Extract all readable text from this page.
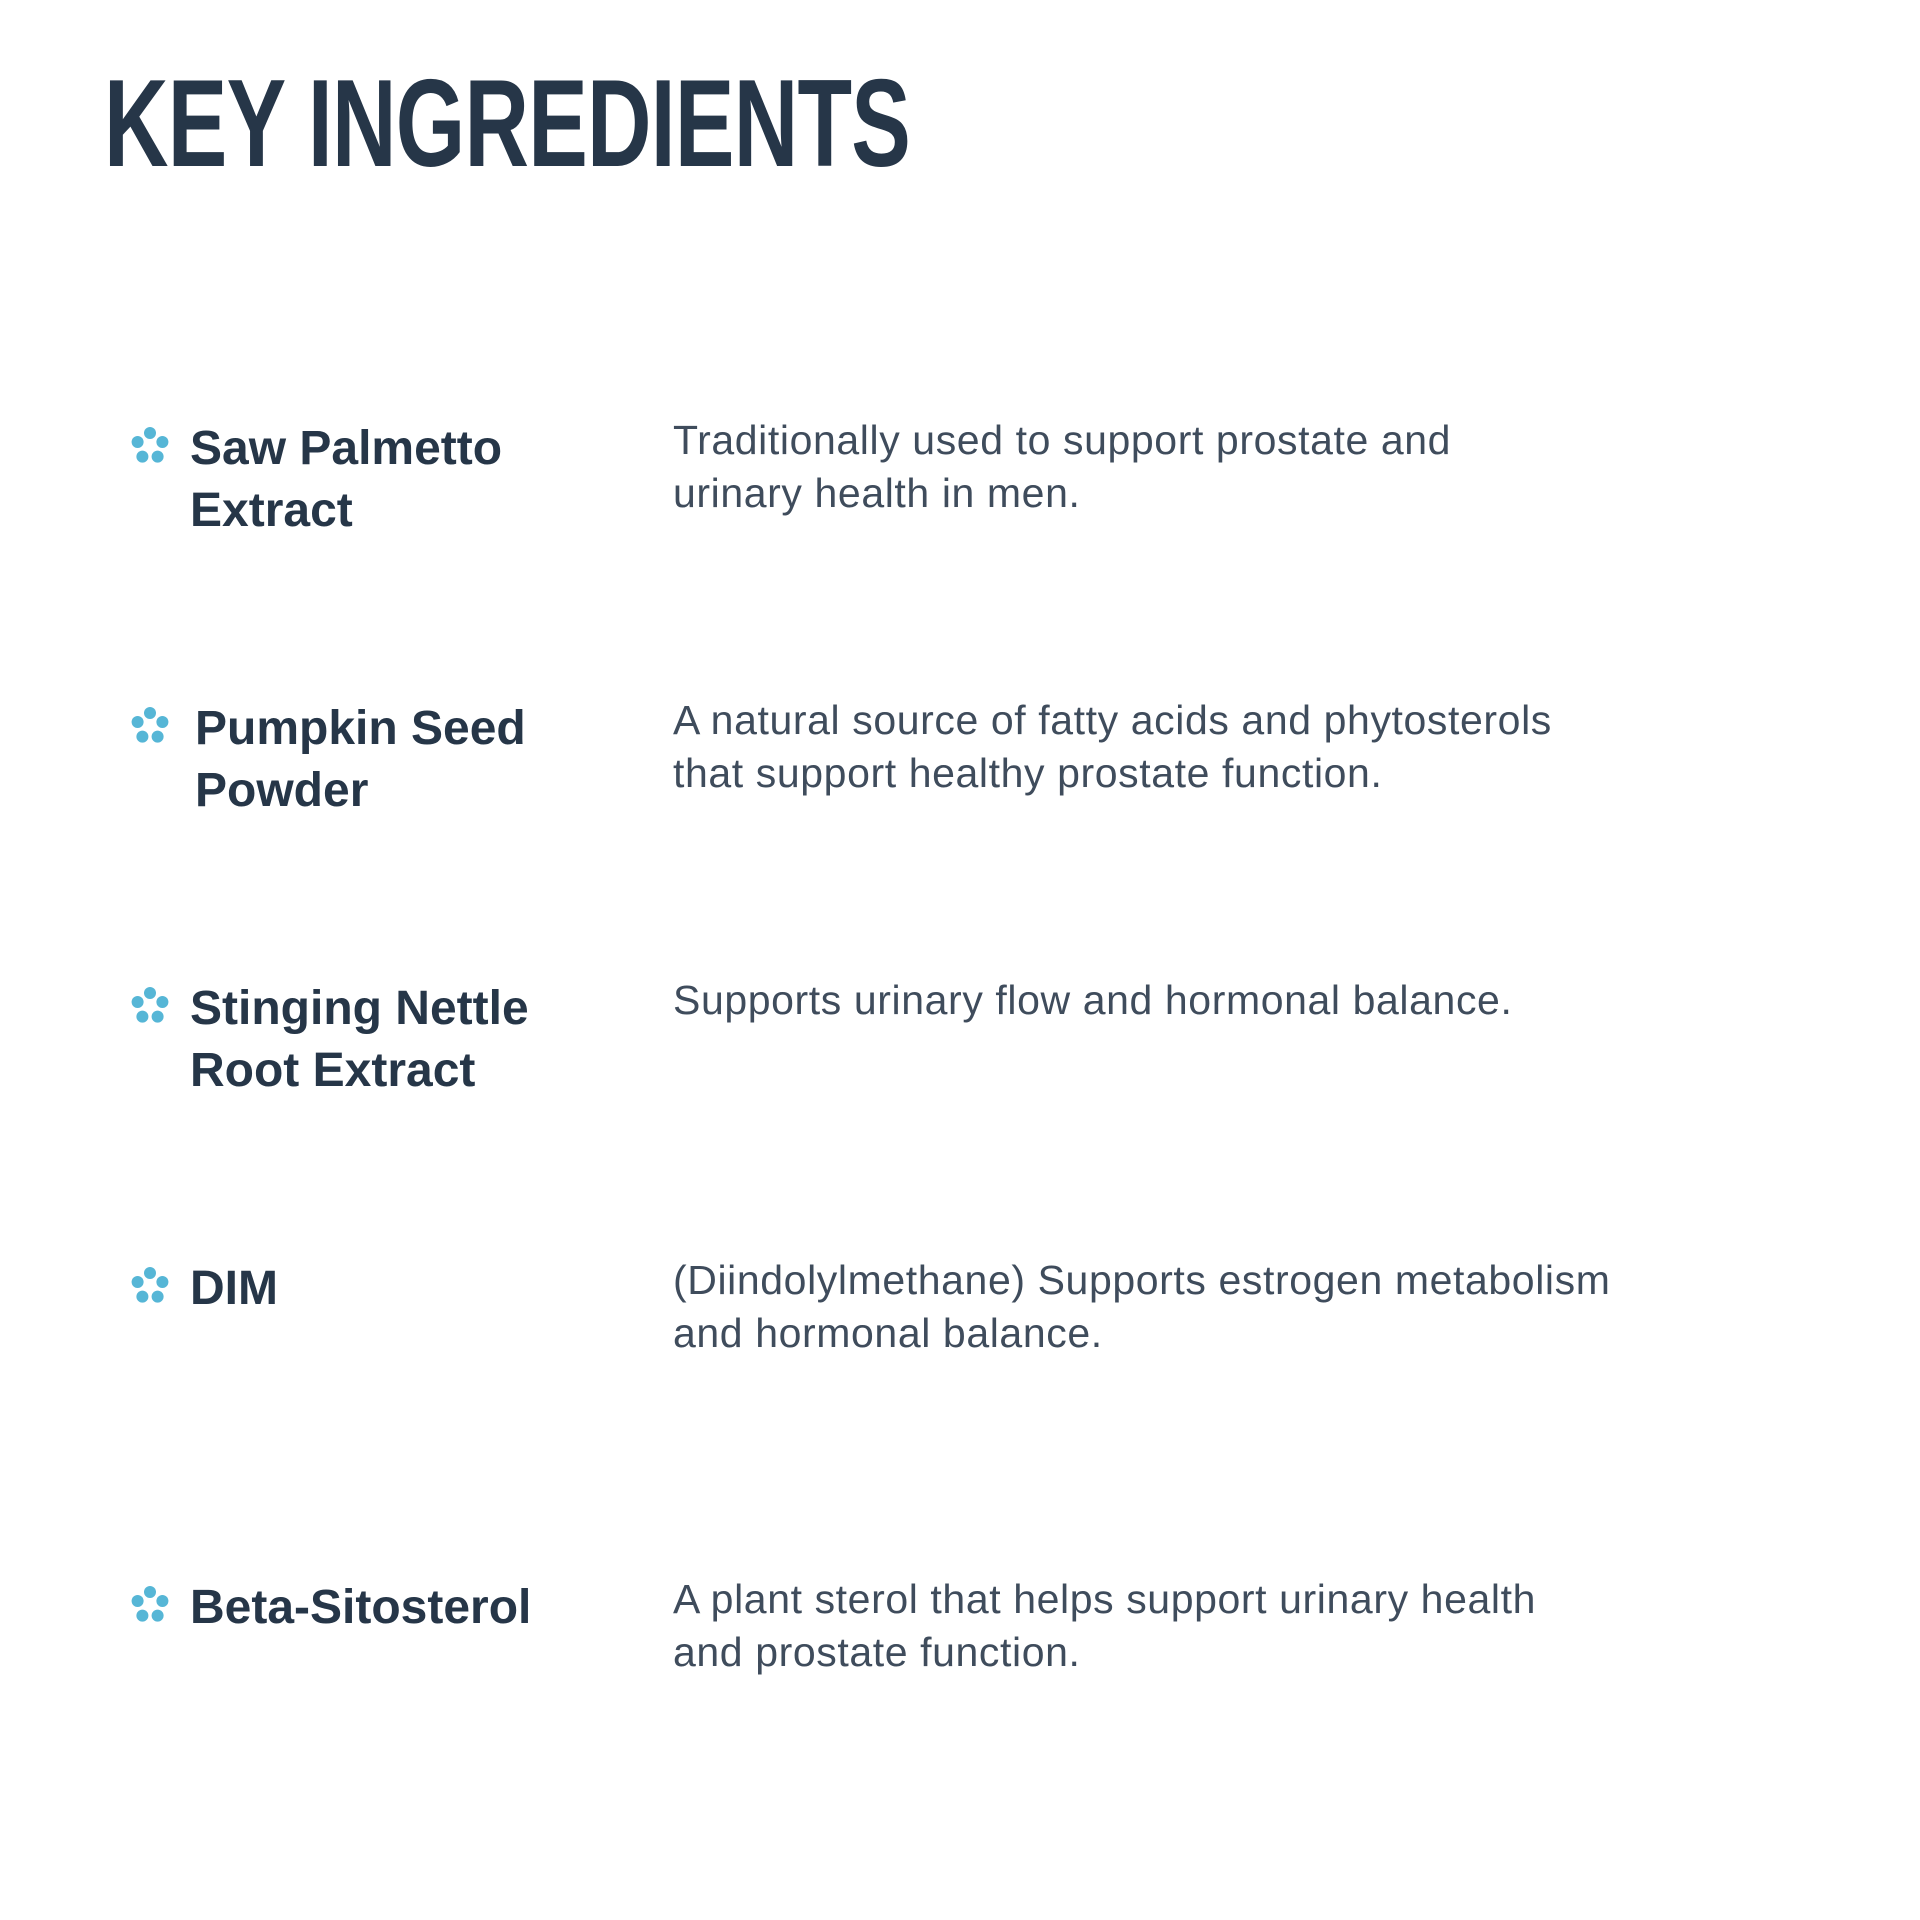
KEY INGREDIENTS
Saw Palmetto
Extract
Traditionally used to support prostate and
urinary health in men.
Pumpkin Seed
Powder
A natural source of fatty acids and phytosterols
that support healthy prostate function.
Stinging Nettle
Root Extract
Supports urinary flow and hormonal balance.
DIM	(Diindolylmethane) Supports estrogen metabolism
and hormonal balance.
Beta-Sitosterol	A plant sterol that helps support urinary health
and prostate function.
